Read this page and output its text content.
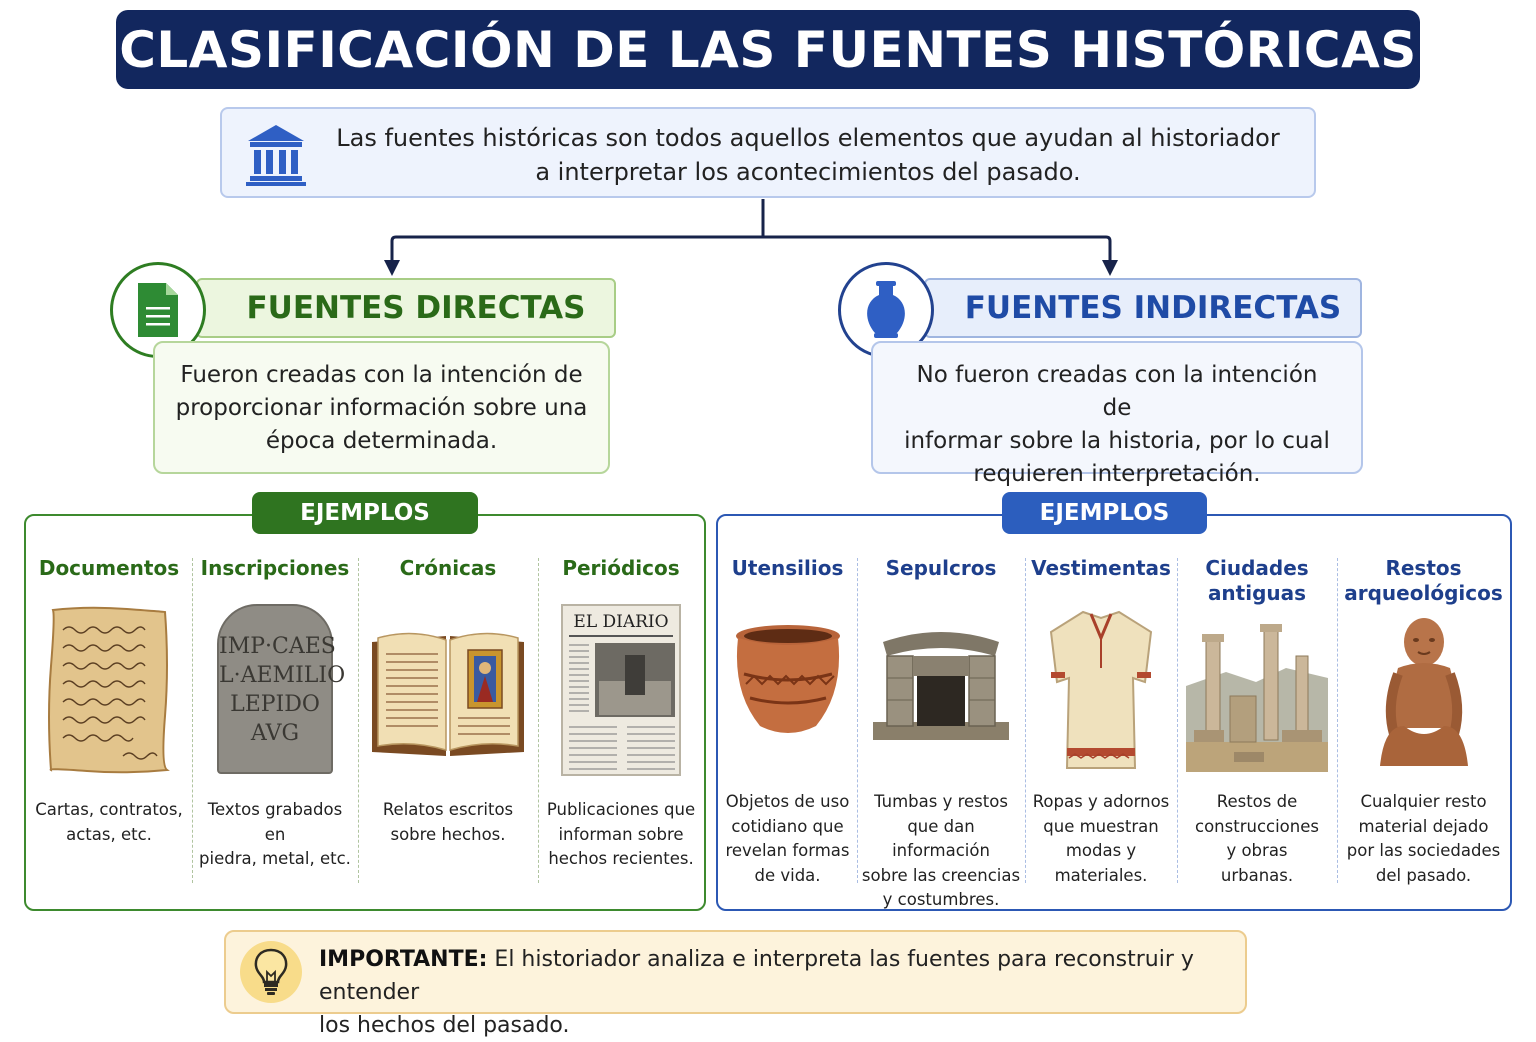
CLASIFICACIÓN DE LAS FUENTES HISTÓRICAS
Las fuentes históricas son todos aquellos elementos que ayudan al historiador
a interpretar los acontecimientos del pasado.
FUENTES DIRECTAS
Fueron creadas con la intención de
proporcionar información sobre una
época determinada.
FUENTES INDIRECTAS
No fueron creadas con la intención de
informar sobre la historia, por lo cual
requieren interpretación.
Documentos
Cartas, contratos,
actas, etc.
Inscripciones
IMP·CAES
L·AEMILIO
LEPIDO
AVG
Textos grabados en
piedra, metal, etc.
Crónicas
Relatos escritos
sobre hechos.
Periódicos
EL DIARIO
Publicaciones que
informan sobre
hechos recientes.
EJEMPLOS
Utensilios
Objetos de uso
cotidiano que
revelan formas
de vida.
Sepulcros
Tumbas y restos
que dan información
sobre las creencias
y costumbres.
Vestimentas
Ropas y adornos
que muestran
modas y
materiales.
Ciudades
antiguas
Restos de
construcciones
y obras
urbanas.
Restos
arqueológicos
Cualquier resto
material dejado
por las sociedades
del pasado.
EJEMPLOS
IMPORTANTE: El historiador analiza e interpreta las fuentes para reconstruir y entender
los hechos del pasado.
